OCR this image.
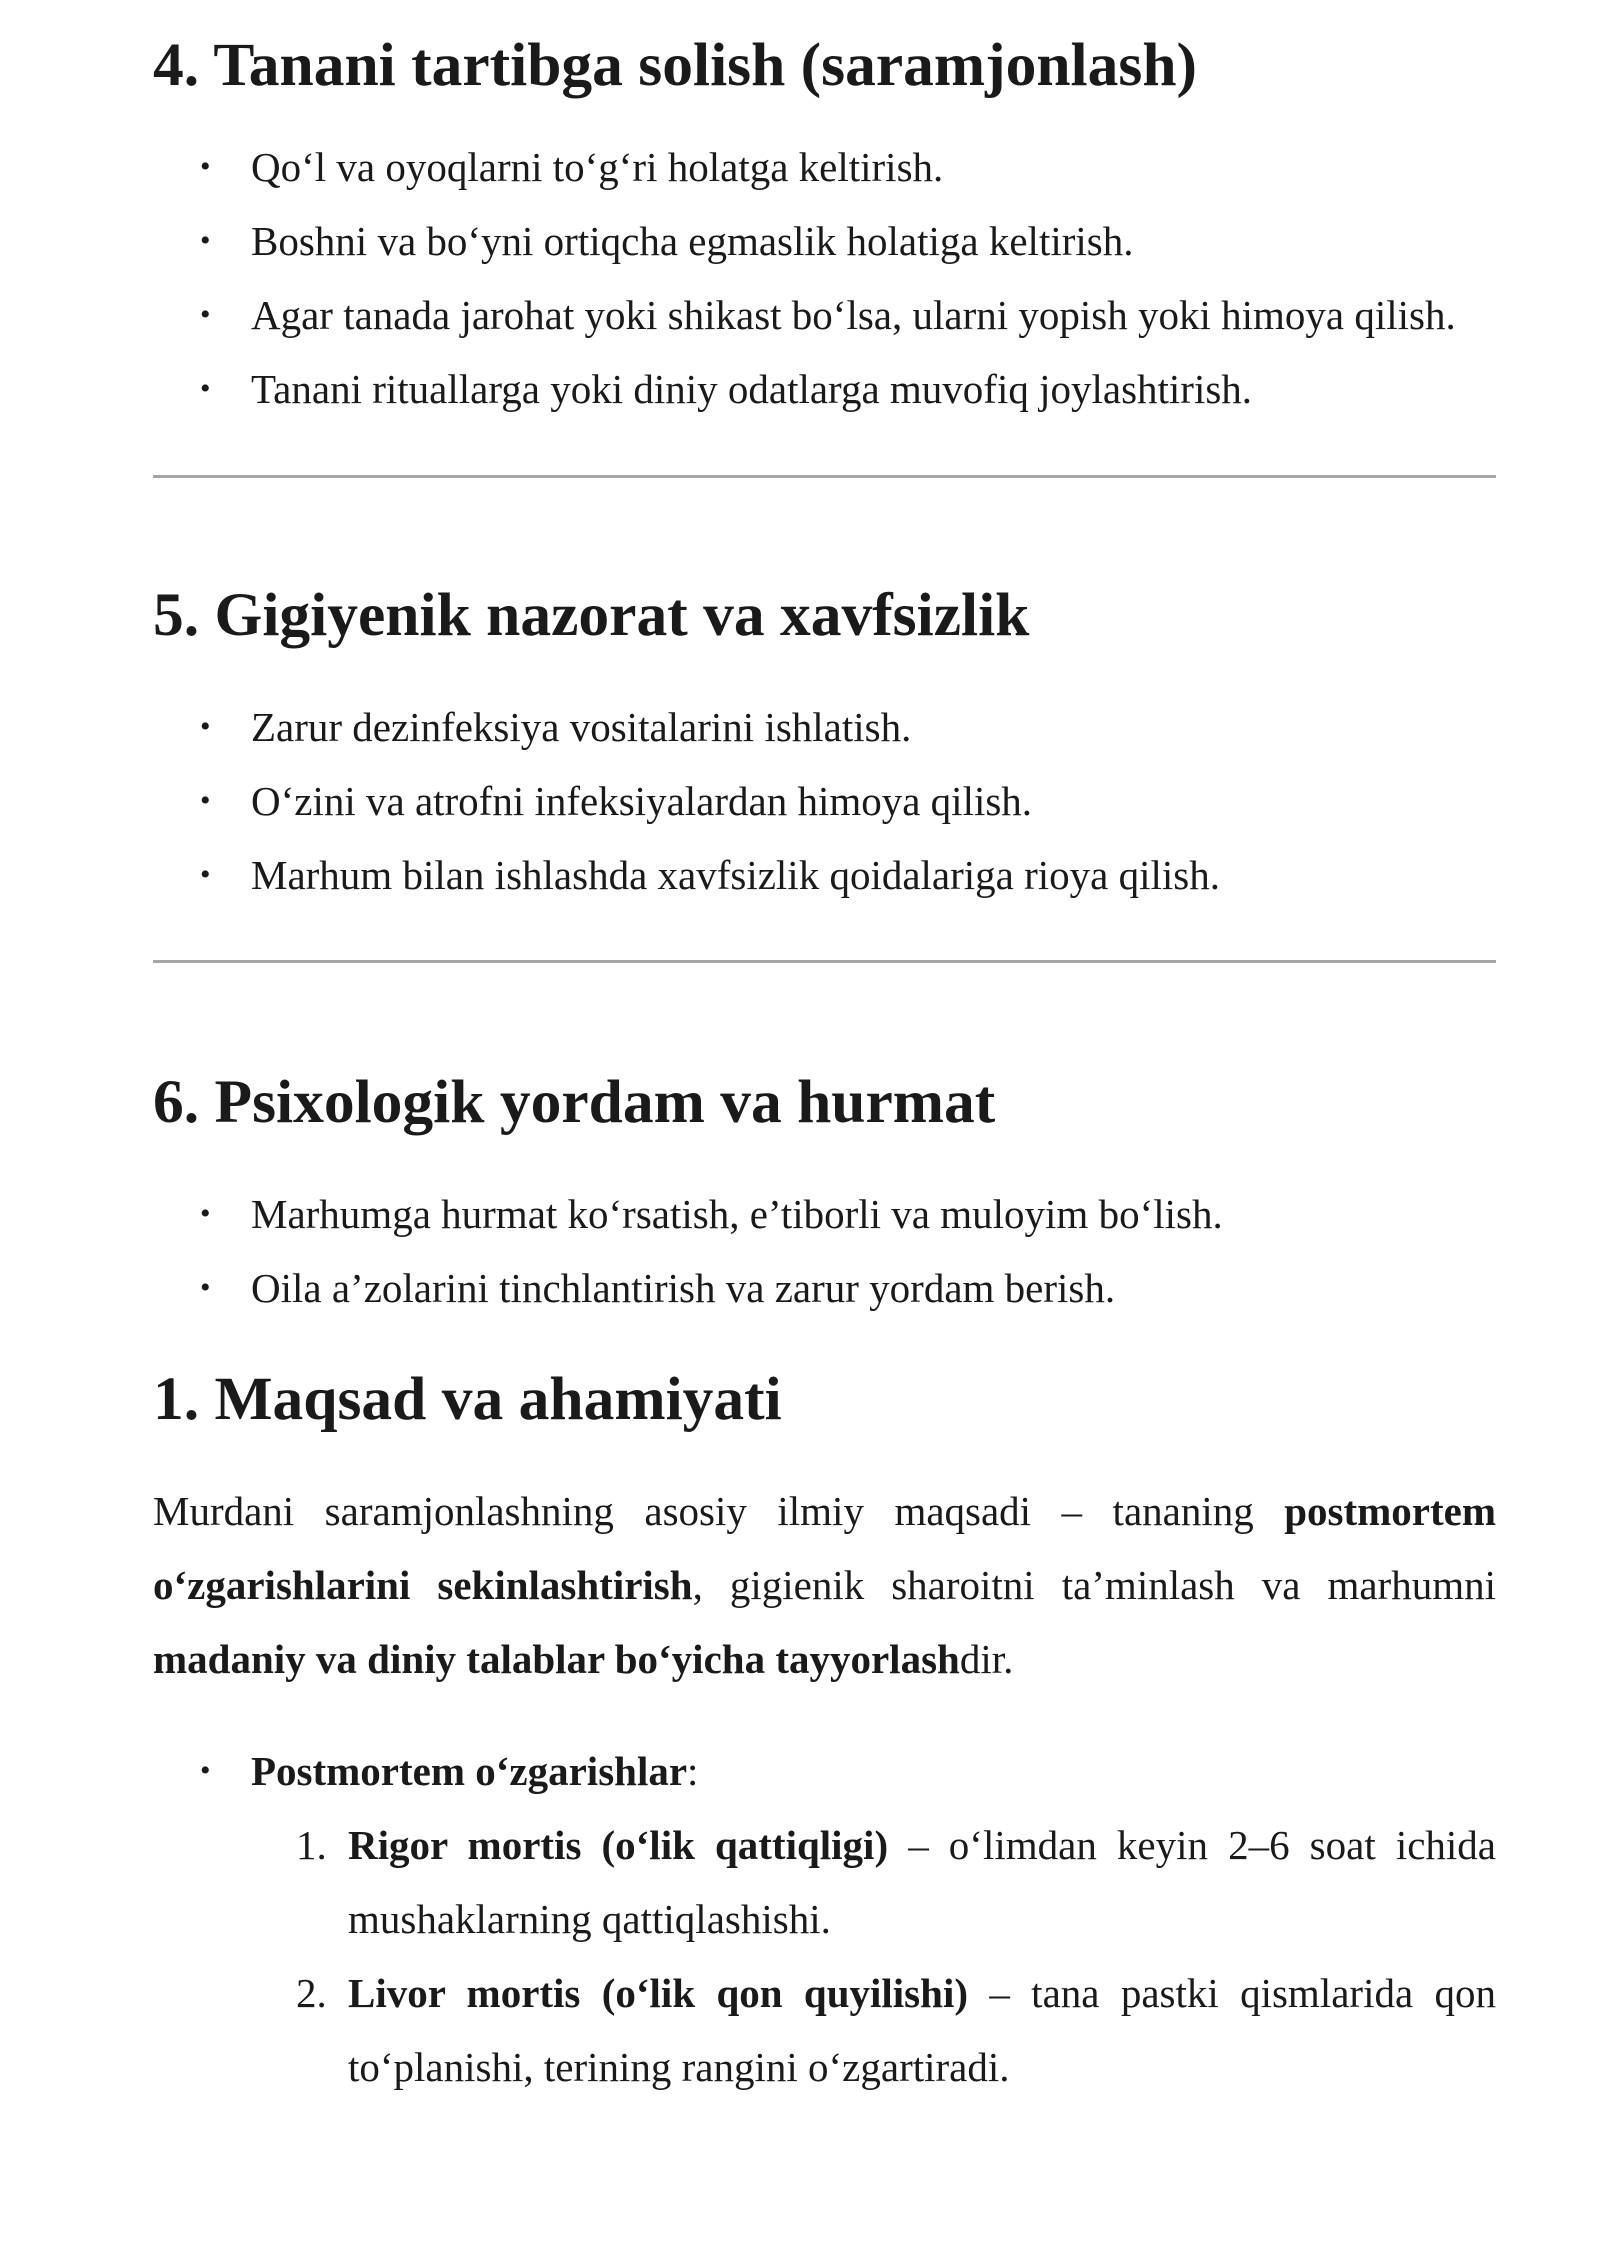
4. Tanani tartibga solish (saramjonlash)
• Qo‘l va oyoqlarni to‘g‘ri holatga keltirish.
• Boshni va bo‘yni ortiqcha egmaslik holatiga keltirish.
• Agar tanada jarohat yoki shikast bo‘lsa, ularni yopish yoki himoya qilish.
• Tanani rituallarga yoki diniy odatlarga muvofiq joylashtirish.
5. Gigiyenik nazorat va xavfsizlik
• Zarur dezinfeksiya vositalarini ishlatish.
• O‘zini va atrofni infeksiyalardan himoya qilish.
• Marhum bilan ishlashda xavfsizlik qoidalariga rioya qilish.
6. Psixologik yordam va hurmat
• Marhumga hurmat ko‘rsatish, e’tiborli va muloyim bo‘lish.
• Oila a’zolarini tinchlantirish va zarur yordam berish.
1. Maqsad va ahamiyati

Murdani saramjonlashning asosiy ilmiy maqsadi – tananing postmortem o‘zgarishlarini sekinlashtirish, gigienik sharoitni ta’minlash va marhumni madaniy va diniy talablar bo‘yicha tayyorlashdir.

• Postmortem o‘zgarishlar:
1. Rigor mortis (o‘lik qattiqligi) – o‘limdan keyin 2–6 soat ichida mushaklarning qattiqlashishi.
2. Livor mortis (o‘lik qon quyilishi) – tana pastki qismlarida qon to‘planishi, terining rangini o‘zgartiradi.
